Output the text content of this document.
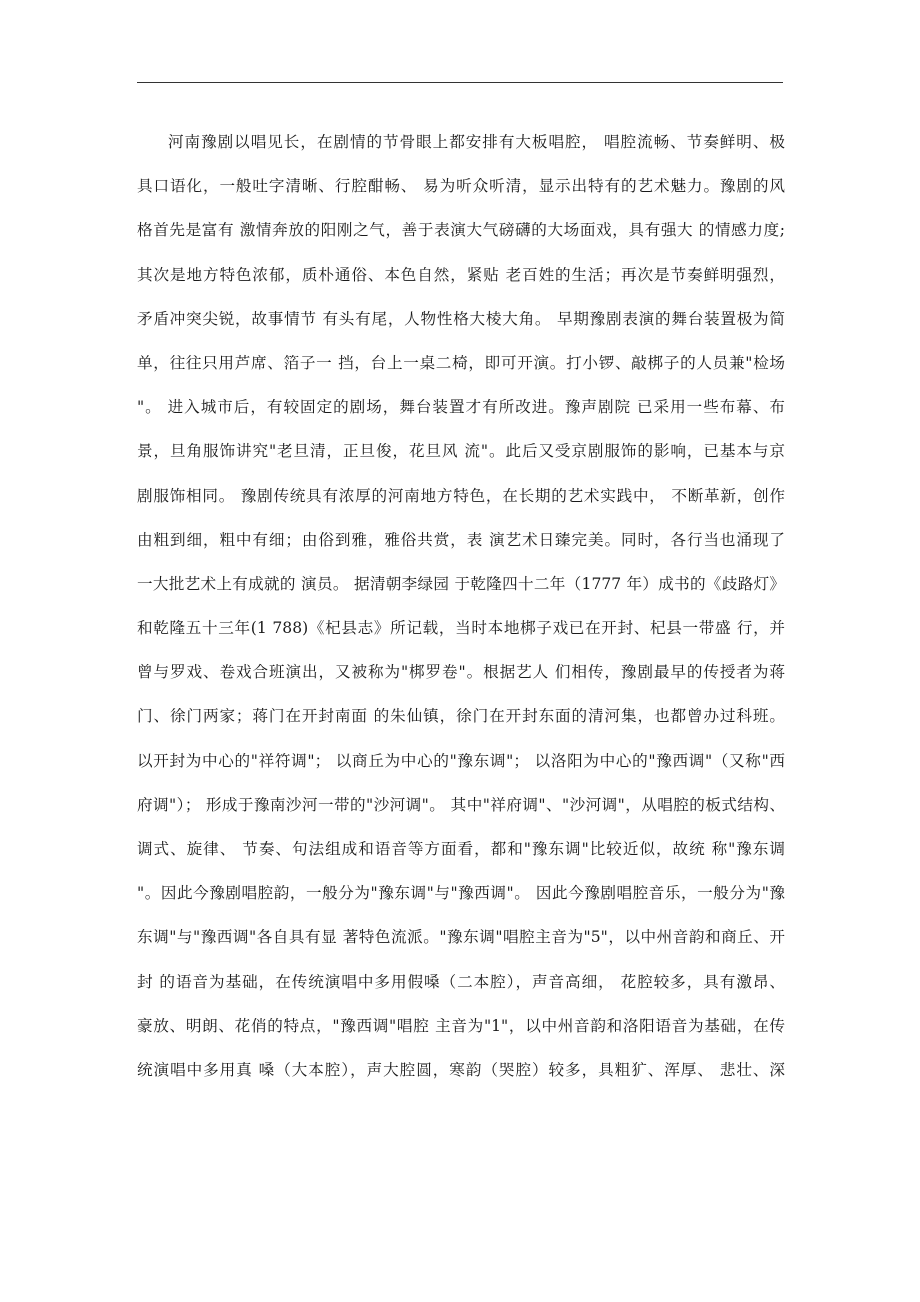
河南豫剧以唱见长，在剧情的节骨眼上都安排有大板唱腔， 唱腔流畅、节奏鲜明、极
具口语化，一般吐字清晰、行腔酣畅、 易为听众听清，显示出特有的艺术魅力。豫剧的风
格首先是富有 激情奔放的阳刚之气，善于表演大气磅礴的大场面戏，具有强大 的情感力度;
其次是地方特色浓郁，质朴通俗、本色自然，紧贴 老百姓的生活；再次是节奏鲜明强烈，
矛盾冲突尖锐，故事情节 有头有尾，人物性格大棱大角。 早期豫剧表演的舞台装置极为简
单，往往只用芦席、箔子一 挡，台上一桌二椅，即可开演。打小锣、敲梆子的人员兼"检场
"。 进入城市后，有较固定的剧场，舞台装置才有所改进。豫声剧院 已采用一些布幕、布
景，旦角服饰讲究"老旦清，正旦俊，花旦风 流"。此后又受京剧服饰的影响，已基本与京
剧服饰相同。 豫剧传统具有浓厚的河南地方特色，在长期的艺术实践中， 不断革新，创作
由粗到细，粗中有细；由俗到雅，雅俗共赏，表 演艺术日臻完美。同时，各行当也涌现了
一大批艺术上有成就的 演员。 据清朝李绿园 于乾隆四十二年（1777 年）成书的《歧路灯》
和乾隆五十三年(1 788)《杞县志》所记载，当时本地梆子戏已在开封、杞县一带盛 行，并
曾与罗戏、卷戏合班演出，又被称为"梆罗卷"。根据艺人 们相传，豫剧最早的传授者为蒋
门、徐门两家；蒋门在开封南面 的朱仙镇，徐门在开封东面的清河集，也都曾办过科班。
以开封为中心的"祥符调"； 以商丘为中心的"豫东调"； 以洛阳为中心的"豫西调"（又称"西
府调"）； 形成于豫南沙河一带的"沙河调"。 其中"祥府调"、"沙河调"，从唱腔的板式结构、
调式、旋律、 节奏、句法组成和语音等方面看，都和"豫东调"比较近似，故统 称"豫东调
"。因此今豫剧唱腔韵，一般分为"豫东调"与"豫西调"。 因此今豫剧唱腔音乐，一般分为"豫
东调"与"豫西调"各自具有显 著特色流派。"豫东调"唱腔主音为"5"，以中州音韵和商丘、开
封 的语音为基础，在传统演唱中多用假嗓（二本腔），声音高细， 花腔较多，具有激昂、
豪放、明朗、花俏的特点，"豫西调"唱腔 主音为"1"，以中州音韵和洛阳语音为基础，在传
统演唱中多用真 嗓（大本腔），声大腔圆，寒韵（哭腔）较多，具粗犷、浑厚、 悲壮、深
